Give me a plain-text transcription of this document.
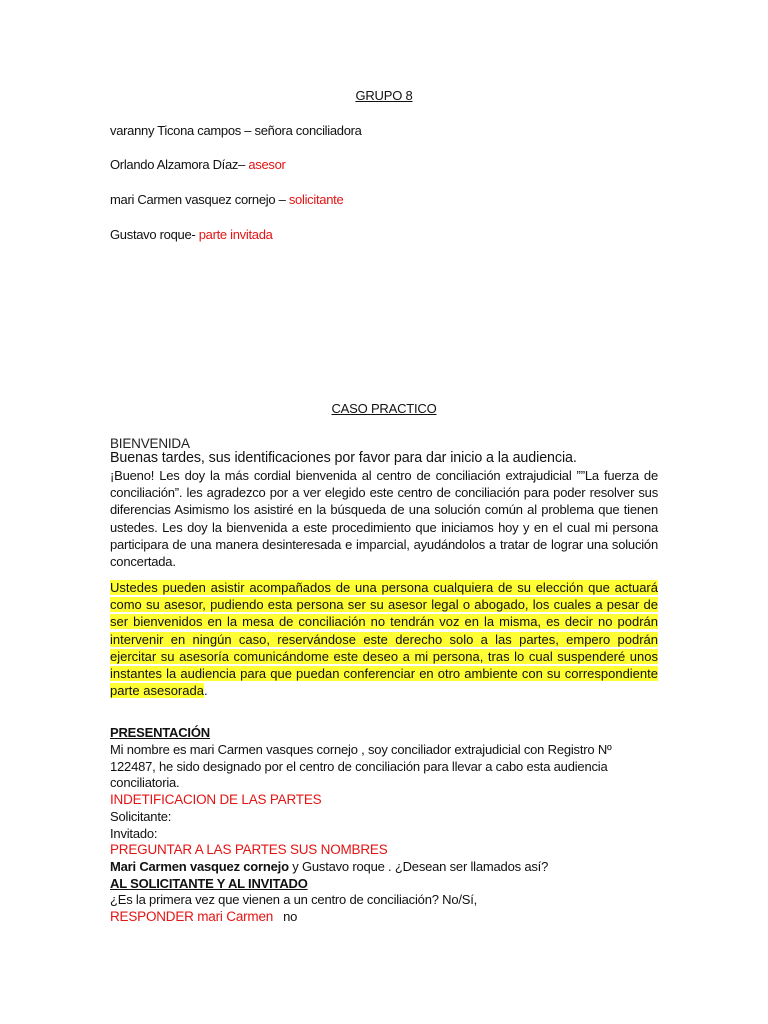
GRUPO 8
varanny Ticona campos – señora conciliadora
Orlando Alzamora Díaz– asesor
mari Carmen vasquez cornejo – solicitante
Gustavo roque- parte invitada
CASO PRACTICO
BIENVENIDA
Buenas tardes, sus identificaciones por favor para dar inicio a la audiencia.

¡Bueno! Les doy la más cordial bienvenida al centro de conciliación extrajudicial ””La fuerza de conciliación”. les agradezco por a ver elegido este centro de conciliación para poder resolver sus diferencias Asimismo los asistiré en la búsqueda de una solución común al problema que tienen ustedes. Les doy la bienvenida a este procedimiento que iniciamos hoy y en el cual mi persona participara de una manera desinteresada e imparcial, ayudándolos a tratar de lograr una solución concertada.

Ustedes pueden asistir acompañados de una persona cualquiera de su elección que actuará como su asesor, pudiendo esta persona ser su asesor legal o abogado, los cuales a pesar de ser bienvenidos en la mesa de conciliación no tendrán voz en la misma, es decir no podrán intervenir en ningún caso, reservándose este derecho solo a las partes, empero podrán ejercitar su asesoría comunicándome este deseo a mi persona, tras lo cual suspenderé unos instantes la audiencia para que puedan conferenciar en otro ambiente con su correspondiente parte asesorada.

PRESENTACIÓN
Mi nombre es mari Carmen vasques cornejo , soy conciliador extrajudicial con Registro Nº
122487, he sido designado por el centro de conciliación para llevar a cabo esta audiencia
conciliatoria.
INDETIFICACION DE LAS PARTES
Solicitante:
Invitado:
PREGUNTAR A LAS PARTES SUS NOMBRES
Mari Carmen vasquez cornejo y Gustavo roque . ¿Desean ser llamados así?
AL SOLICITANTE Y AL INVITADO
¿Es la primera vez que vienen a un centro de conciliación? No/Sí,
RESPONDER mari Carmen no
